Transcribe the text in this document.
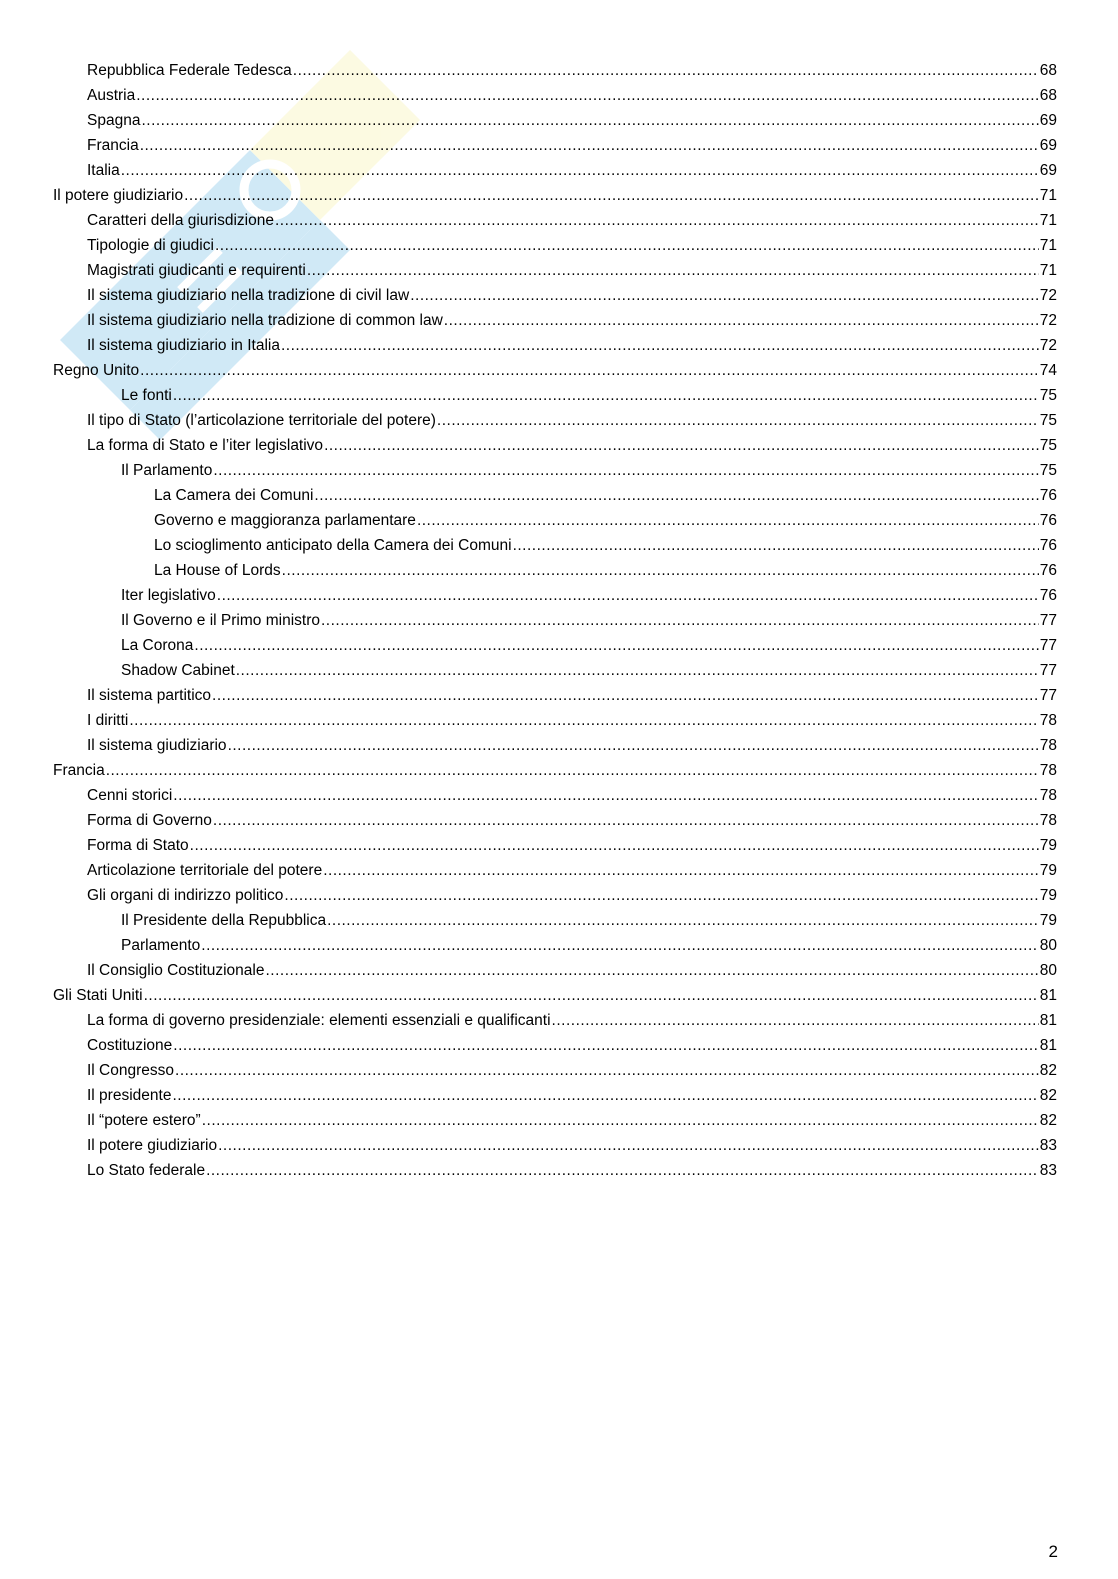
Repubblica Federale Tedesca .....	68
Austria .....	68
Spagna .....	69
Francia .....	69
Italia .....	69
Il potere giudiziario .....	71
Caratteri della giurisdizione .....	71
Tipologie di giudici .....	71
Magistrati giudicanti e requirenti .....	71
Il sistema giudiziario nella tradizione di civil law .....	72
Il sistema giudiziario nella tradizione di common law .....	72
Il sistema giudiziario in Italia .....	72
Regno Unito .....	74
Le fonti .....	75
Il tipo di Stato (l’articolazione territoriale del potere) .....	75
La forma di Stato e l’iter legislativo .....	75
Il Parlamento .....	75
La Camera dei Comuni .....	76
Governo e maggioranza parlamentare .....	76
Lo scioglimento anticipato della Camera dei Comuni .....	76
La House of Lords .....	76
Iter legislativo .....	76
Il Governo e il Primo ministro .....	77
La Corona .....	77
Shadow Cabinet .....	77
Il sistema partitico .....	77
I diritti .....	78
Il sistema giudiziario .....	78
Francia .....	78
Cenni storici .....	78
Forma di Governo .....	78
Forma di Stato .....	79
Articolazione territoriale del potere .....	79
Gli organi di indirizzo politico .....	79
Il Presidente della Repubblica .....	79
Parlamento .....	80
Il Consiglio Costituzionale .....	80
Gli Stati Uniti .....	81
La forma di governo presidenziale: elementi essenziali e qualificanti .....	81
Costituzione .....	81
Il Congresso .....	82
Il presidente .....	82
Il “potere estero” .....	82
Il potere giudiziario .....	83
Lo Stato federale .....	83
2
